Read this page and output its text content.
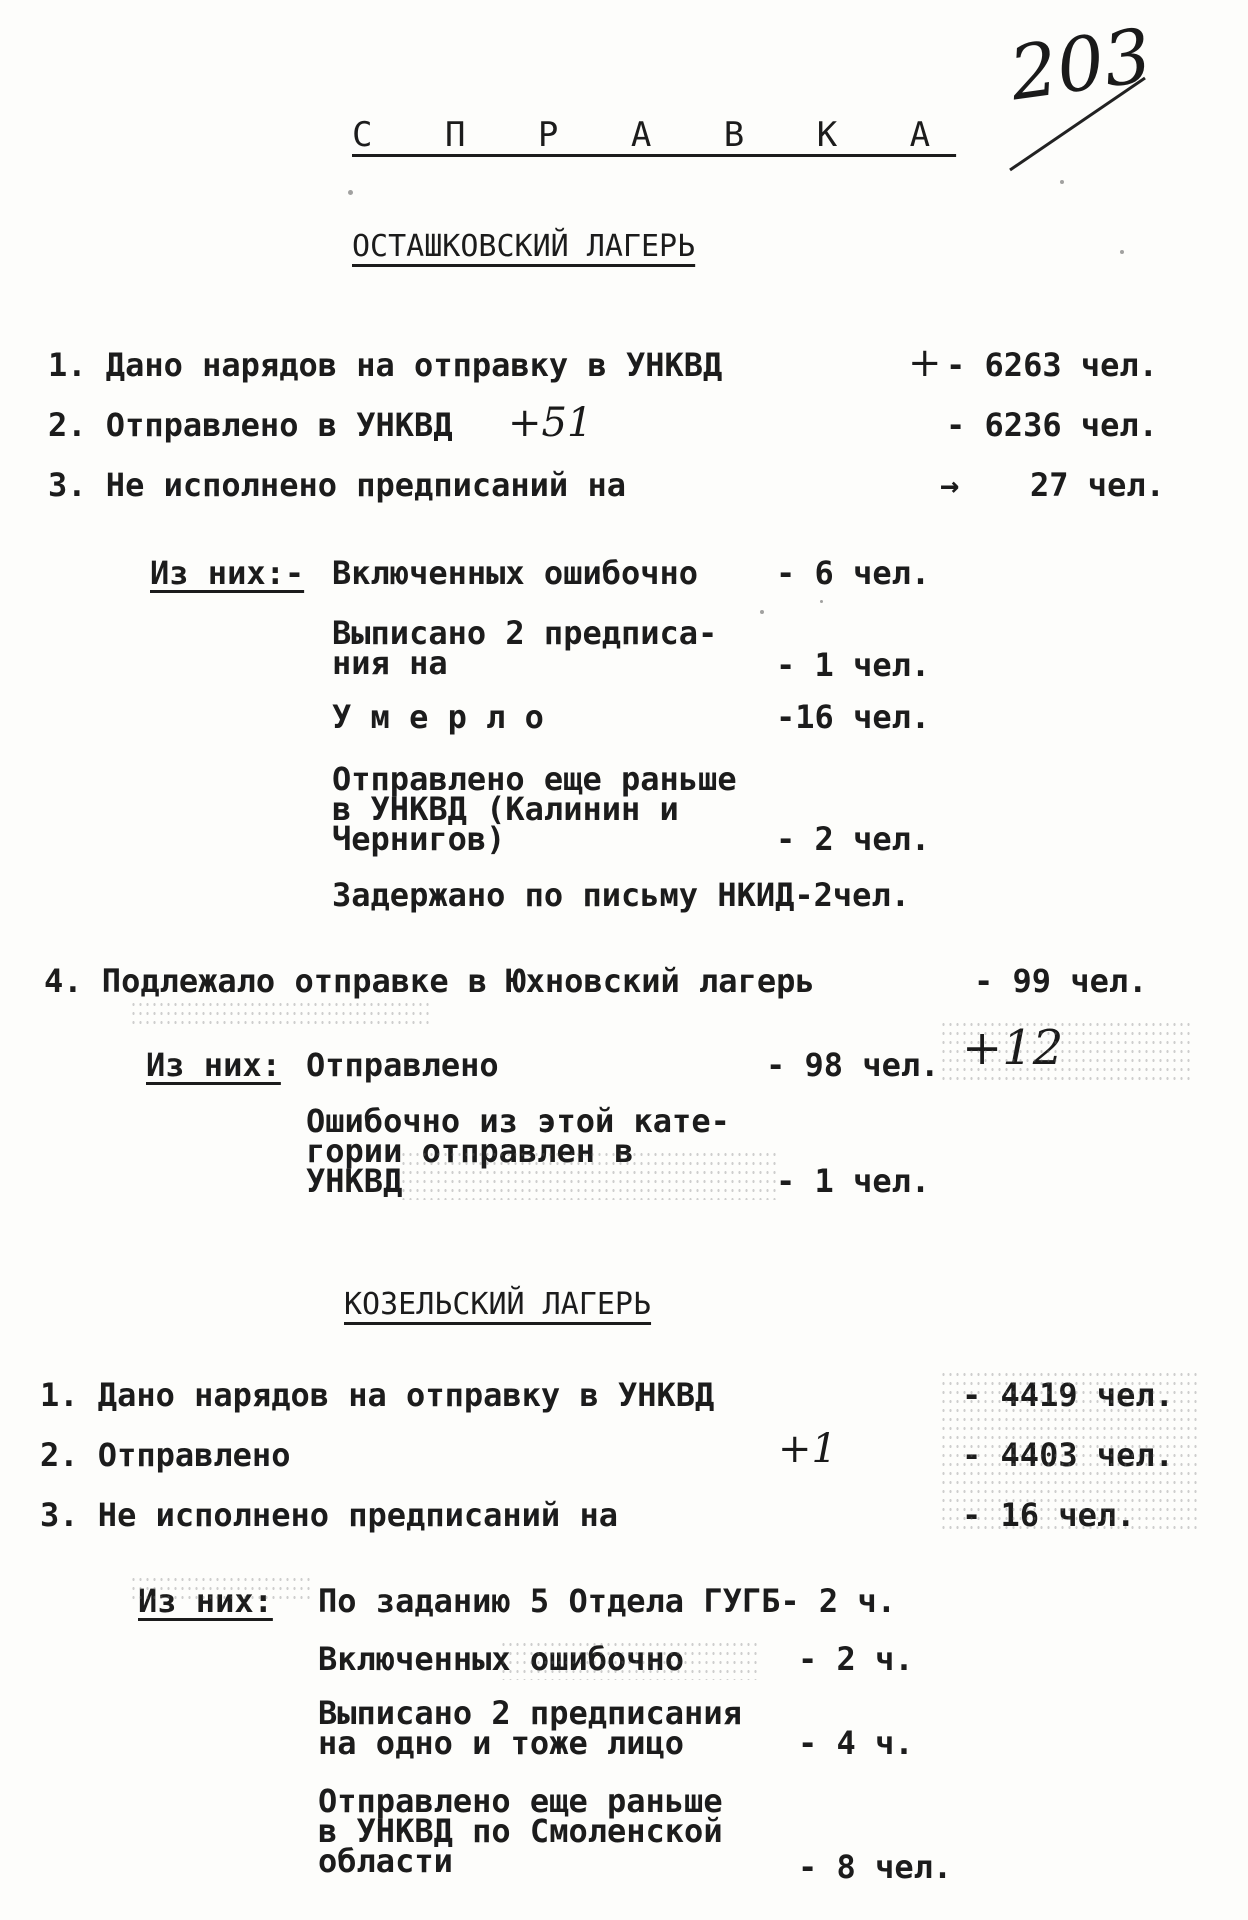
203
С П Р А В К А
ОСТАШКОВСКИЙ ЛАГЕРЬ
1. Дано нарядов на отправку в УНКВД	+ - 6263 чел.
2. Отправлено в УНКВД +51	- 6236 чел.
3. Не исполнено предписаний на	→ 27 чел.
Из них:- Включенных ошибочно - 6 чел.
Выписано 2 предписа-
ния на	- 1 чел.
У м е р л о	-16 чел.
Отправлено еще раньше
в УНКВД (Калинин и
Чернигов)	- 2 чел.
Задержано по письму НКИД-2чел.
4. Подлежало отправке в Юхновский лагерь	- 99 чел.
Из них: Отправлено	- 98 чел. +12
Ошибочно из этой кате-
гории отправлен в
УНКВД	- 1 чел.
КОЗЕЛЬСКИЙ ЛАГЕРЬ
1. Дано нарядов на отправку в УНКВД	- 4419 чел.
2. Отправлено	+1	- 4403 чел.
3. Не исполнено предписаний на	- 16 чел.
Из них: По заданию 5 Отдела ГУГБ- 2 ч.
Включенных ошибочно	- 2 ч.
Выписано 2 предписания
на одно и тоже лицо	- 4 ч.
Отправлено еще раньше
в УНКВД по Смоленской
области	- 8 чел.
